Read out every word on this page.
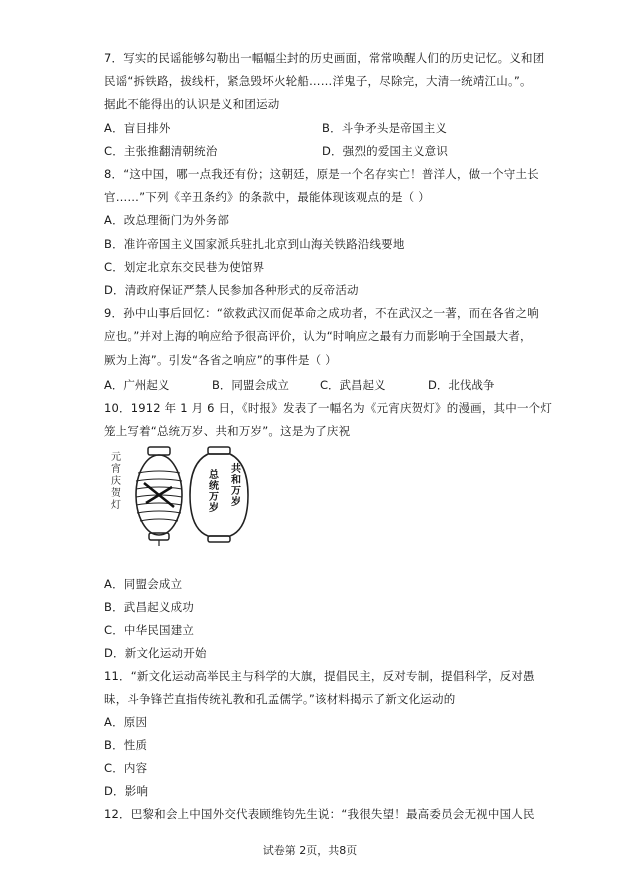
7．写实的民谣能够勾勒出一幅幅尘封的历史画面，常常唤醒人们的历史记忆。义和团
民谣“拆铁路，拔线杆，紧急毁坏火轮船……洋鬼子，尽除完，大清一统靖江山。”。
据此不能得出的认识是义和团运动
A．盲目排外	B．斗争矛头是帝国主义
C．主张推翻清朝统治	D．强烈的爱国主义意识
8．“这中国，哪一点我还有份；这朝廷，原是一个名存实亡！普洋人，做一个守土长
官……”下列《辛丑条约》的条款中，最能体现该观点的是（ ）
A．改总理衙门为外务部
B．准许帝国主义国家派兵驻扎北京到山海关铁路沿线要地
C．划定北京东交民巷为使馆界
D．清政府保证严禁人民参加各种形式的反帝活动
9．孙中山事后回忆：“欲救武汉而促革命之成功者，不在武汉之一著，而在各省之响
应也。”并对上海的响应给予很高评价，认为“时响应之最有力而影响于全国最大者，
厥为上海”。引发“各省之响应”的事件是（ ）
A．广州起义	B．同盟会成立	C．武昌起义	D．北伐战争
10．1912 年 1 月 6 日，《时报》发表了一幅名为《元宵庆贺灯》的漫画，其中一个灯
笼上写着“总统万岁、共和万岁”。这是为了庆祝
元宵庆贺灯	共和万岁
总统万岁
A．同盟会成立
B．武昌起义成功
C．中华民国建立
D．新文化运动开始
11．“新文化运动高举民主与科学的大旗，提倡民主，反对专制，提倡科学，反对愚
昧，斗争锋芒直指传统礼教和孔孟儒学。”该材料揭示了新文化运动的
A．原因
B．性质
C．内容
D．影响
12．巴黎和会上中国外交代表顾维钧先生说：“我很失望！最高委员会无视中国人民
试卷第 2页，共8页
